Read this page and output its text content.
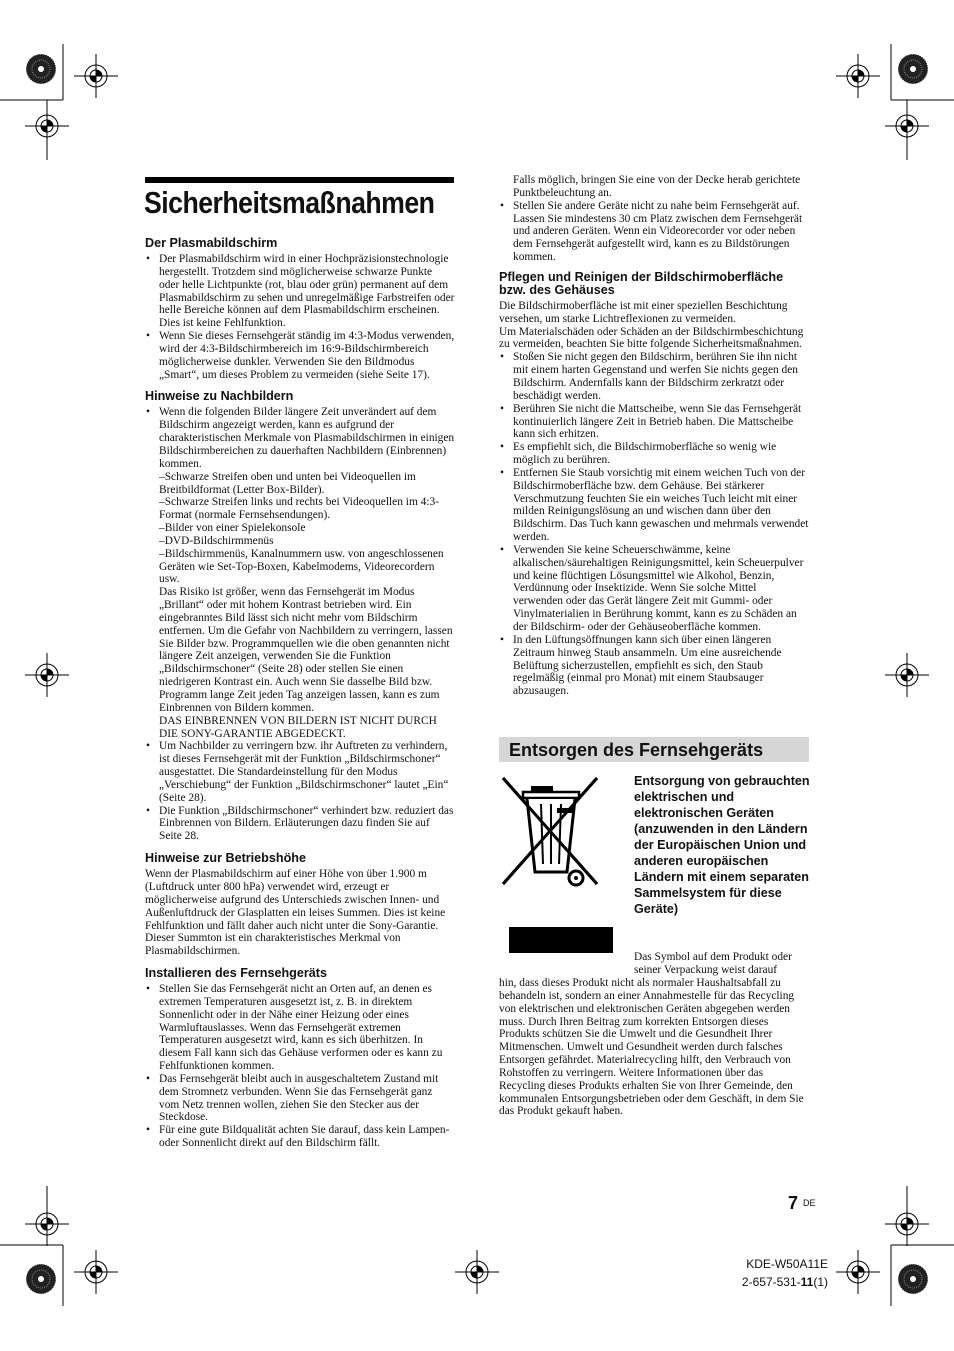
Sicherheitsmaßnahmen
Der Plasmabildschirm
• Der Plasmabildschirm wird in einer Hochpräzisionstechnologie hergestellt. Trotzdem sind möglicherweise schwarze Punkte oder helle Lichtpunkte (rot, blau oder grün) permanent auf dem Plasmabildschirm zu sehen und unregelmäßige Farbstreifen oder helle Bereiche können auf dem Plasmabildschirm erscheinen. Dies ist keine Fehlfunktion.
• Wenn Sie dieses Fernsehgerät ständig im 4:3-Modus verwenden, wird der 4:3-Bildschirmbereich im 16:9-Bildschirmbereich möglicherweise dunkler. Verwenden Sie den Bildmodus „Smart“, um dieses Problem zu vermeiden (siehe Seite 17).
Hinweise zu Nachbildern

• Wenn die folgenden Bilder längere Zeit unverändert auf dem Bildschirm angezeigt werden, kann es aufgrund der charakteristischen Merkmale von Plasmabildschirmen in einigen Bildschirmbereichen zu dauerhaften Nachbildern (Einbrennen) kommen.

–Schwarze Streifen oben und unten bei Videoquellen im Breitbildformat (Letter Box-Bilder).

–Schwarze Streifen links und rechts bei Videoquellen im 4:3-Format (normale Fernsehsendungen).

–Bilder von einer Spielekonsole

–DVD-Bildschirmmenüs

–Bildschirmmenüs, Kanalnummern usw. von angeschlossenen Geräten wie Set-Top-Boxen, Kabelmodems, Videorecordern usw.

Das Risiko ist größer, wenn das Fernsehgerät im Modus „Brillant“ oder mit hohem Kontrast betrieben wird. Ein eingebranntes Bild lässt sich nicht mehr vom Bildschirm entfernen. Um die Gefahr von Nachbildern zu verringern, lassen Sie Bilder bzw. Programmquellen wie die oben genannten nicht längere Zeit anzeigen, verwenden Sie die Funktion „Bildschirmschoner“ (Seite 28) oder stellen Sie einen niedrigeren Kontrast ein. Auch wenn Sie dasselbe Bild bzw. Programm lange Zeit jeden Tag anzeigen lassen, kann es zum Einbrennen von Bildern kommen.

DAS EINBRENNEN VON BILDERN IST NICHT DURCH DIE SONY-GARANTIE ABGEDECKT.

• Um Nachbilder zu verringern bzw. ihr Auftreten zu verhindern, ist dieses Fernsehgerät mit der Funktion „Bildschirmschoner“ ausgestattet. Die Standardeinstellung für den Modus „Verschiebung“ der Funktion „Bildschirmschoner“ lautet „Ein“ (Seite 28).
• Die Funktion „Bildschirmschoner“ verhindert bzw. reduziert das Einbrennen von Bildern. Erläuterungen dazu finden Sie auf Seite 28.
Hinweise zur Betriebshöhe

Wenn der Plasmabildschirm auf einer Höhe von über 1.900 m (Luftdruck unter 800 hPa) verwendet wird, erzeugt er möglicherweise aufgrund des Unterschieds zwischen Innen- und Außenluftdruck der Glasplatten ein leises Summen. Dies ist keine Fehlfunktion und fällt daher auch nicht unter die Sony-Garantie. Dieser Summton ist ein charakteristisches Merkmal von Plasmabildschirmen.

Installieren des Fernsehgeräts
• Stellen Sie das Fernsehgerät nicht an Orten auf, an denen es extremen Temperaturen ausgesetzt ist, z. B. in direktem Sonnenlicht oder in der Nähe einer Heizung oder eines Warmluftauslasses. Wenn das Fernsehgerät extremen Temperaturen ausgesetzt wird, kann es sich überhitzen. In diesem Fall kann sich das Gehäuse verformen oder es kann zu Fehlfunktionen kommen.
• Das Fernsehgerät bleibt auch in ausgeschaltetem Zustand mit dem Stromnetz verbunden. Wenn Sie das Fernsehgerät ganz vom Netz trennen wollen, ziehen Sie den Stecker aus der Steckdose.
• Für eine gute Bildqualität achten Sie darauf, dass kein Lampen- oder Sonnenlicht direkt auf den Bildschirm fällt.

Falls möglich, bringen Sie eine von der Decke herab gerichtete Punktbeleuchtung an.

• Stellen Sie andere Geräte nicht zu nahe beim Fernsehgerät auf. Lassen Sie mindestens 30 cm Platz zwischen dem Fernsehgerät und anderen Geräten. Wenn ein Videorecorder vor oder neben dem Fernsehgerät aufgestellt wird, kann es zu Bildstörungen kommen.
Pflegen und Reinigen der Bildschirmoberfläche bzw. des Gehäuses

Die Bildschirmoberfläche ist mit einer speziellen Beschichtung versehen, um starke Lichtreflexionen zu vermeiden.

Um Materialschäden oder Schäden an der Bildschirmbeschichtung zu vermeiden, beachten Sie bitte folgende Sicherheitsmaßnahmen.

• Stoßen Sie nicht gegen den Bildschirm, berühren Sie ihn nicht mit einem harten Gegenstand und werfen Sie nichts gegen den Bildschirm. Andernfalls kann der Bildschirm zerkratzt oder beschädigt werden.
• Berühren Sie nicht die Mattscheibe, wenn Sie das Fernsehgerät kontinuierlich längere Zeit in Betrieb haben. Die Mattscheibe kann sich erhitzen.
• Es empfiehlt sich, die Bildschirmoberfläche so wenig wie möglich zu berühren.
• Entfernen Sie Staub vorsichtig mit einem weichen Tuch von der Bildschirmoberfläche bzw. dem Gehäuse. Bei stärkerer Verschmutzung feuchten Sie ein weiches Tuch leicht mit einer milden Reinigungslösung an und wischen dann über den Bildschirm. Das Tuch kann gewaschen und mehrmals verwendet werden.
• Verwenden Sie keine Scheuerschwämme, keine alkalischen/säurehaltigen Reinigungsmittel, kein Scheuerpulver und keine flüchtigen Lösungsmittel wie Alkohol, Benzin, Verdünnung oder Insektizide. Wenn Sie solche Mittel verwenden oder das Gerät längere Zeit mit Gummi- oder Vinylmaterialien in Berührung kommt, kann es zu Schäden an der Bildschirm- oder der Gehäuseoberfläche kommen.
• In den Lüftungsöffnungen kann sich über einen längeren Zeitraum hinweg Staub ansammeln. Um eine ausreichende Belüftung sicherzustellen, empfiehlt es sich, den Staub regelmäßig (einmal pro Monat) mit einem Staubsauger abzusaugen.
Entsorgen des Fernsehgeräts
Entsorgung von gebrauchten elektrischen und elektronischen Geräten (anzuwenden in den Ländern der Europäischen Union und anderen europäischen Ländern mit einem separaten Sammelsystem für diese Geräte)

Das Symbol auf dem Produkt oder seiner Verpackung weist darauf

hin, dass dieses Produkt nicht als normaler Haushaltsabfall zu behandeln ist, sondern an einer Annahmestelle für das Recycling von elektrischen und elektronischen Geräten abgegeben werden muss. Durch Ihren Beitrag zum korrekten Entsorgen dieses Produkts schützen Sie die Umwelt und die Gesundheit Ihrer Mitmenschen. Umwelt und Gesundheit werden durch falsches Entsorgen gefährdet. Materialrecycling hilft, den Verbrauch von Rohstoffen zu verringern. Weitere Informationen über das Recycling dieses Produkts erhalten Sie von Ihrer Gemeinde, den kommunalen Entsorgungsbetrieben oder dem Geschäft, in dem Sie das Produkt gekauft haben.

7 DE
KDE-W50A11E
2-657-531-11(1)
